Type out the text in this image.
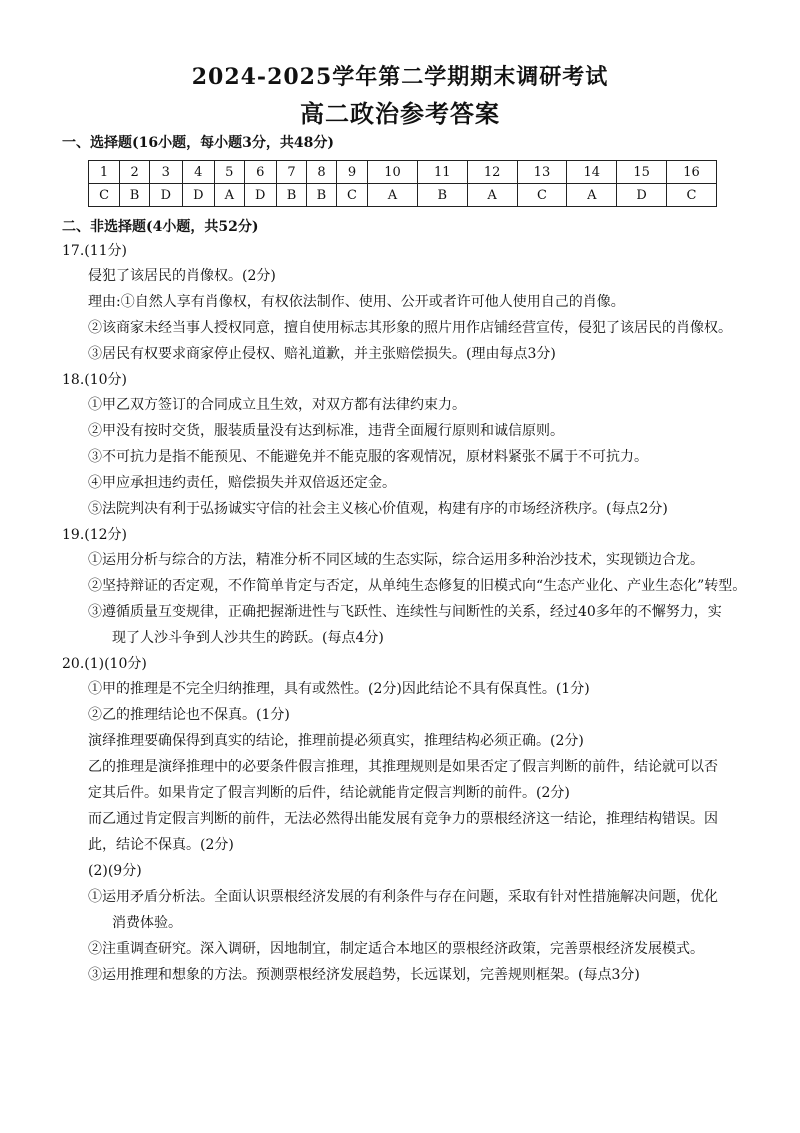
2024-2025学年第二学期期末调研考试
高二政治参考答案
一、选择题(16小题，每小题3分，共48分)
1	2	3	4	5	6	7	8	9	10	11	12	13	14	15	16
C	B	D	D	A	D	B	B	C	A	B	A	C	A	D	C
二、非选择题(4小题，共52分)
17.(11分)
侵犯了该居民的肖像权。(2分)
理由:①自然人享有肖像权，有权依法制作、使用、公开或者许可他人使用自己的肖像。
②该商家未经当事人授权同意，擅自使用标志其形象的照片用作店铺经营宣传，侵犯了该居民的肖像权。
③居民有权要求商家停止侵权、赔礼道歉，并主张赔偿损失。(理由每点3分)
18.(10分)
①甲乙双方签订的合同成立且生效，对双方都有法律约束力。
②甲没有按时交货，服装质量没有达到标准，违背全面履行原则和诚信原则。
③不可抗力是指不能预见、不能避免并不能克服的客观情况，原材料紧张不属于不可抗力。
④甲应承担违约责任，赔偿损失并双倍返还定金。
⑤法院判决有利于弘扬诚实守信的社会主义核心价值观，构建有序的市场经济秩序。(每点2分)
19.(12分)
①运用分析与综合的方法，精准分析不同区域的生态实际，综合运用多种治沙技术，实现锁边合龙。
②坚持辩证的否定观，不作简单肯定与否定，从单纯生态修复的旧模式向“生态产业化、产业生态化”转型。
③遵循质量互变规律，正确把握渐进性与飞跃性、连续性与间断性的关系，经过40多年的不懈努力，实
现了人沙斗争到人沙共生的跨跃。(每点4分)
20.(1)(10分)
①甲的推理是不完全归纳推理，具有或然性。(2分)因此结论不具有保真性。(1分)
②乙的推理结论也不保真。(1分)
演绎推理要确保得到真实的结论，推理前提必须真实，推理结构必须正确。(2分)
乙的推理是演绎推理中的必要条件假言推理，其推理规则是如果否定了假言判断的前件，结论就可以否
定其后件。如果肯定了假言判断的后件，结论就能肯定假言判断的前件。(2分)
而乙通过肯定假言判断的前件，无法必然得出能发展有竞争力的票根经济这一结论，推理结构错误。因
此，结论不保真。(2分)
(2)(9分)
①运用矛盾分析法。全面认识票根经济发展的有利条件与存在问题，采取有针对性措施解决问题，优化
消费体验。
②注重调查研究。深入调研，因地制宜，制定适合本地区的票根经济政策，完善票根经济发展模式。
③运用推理和想象的方法。预测票根经济发展趋势，长远谋划，完善规则框架。(每点3分)
